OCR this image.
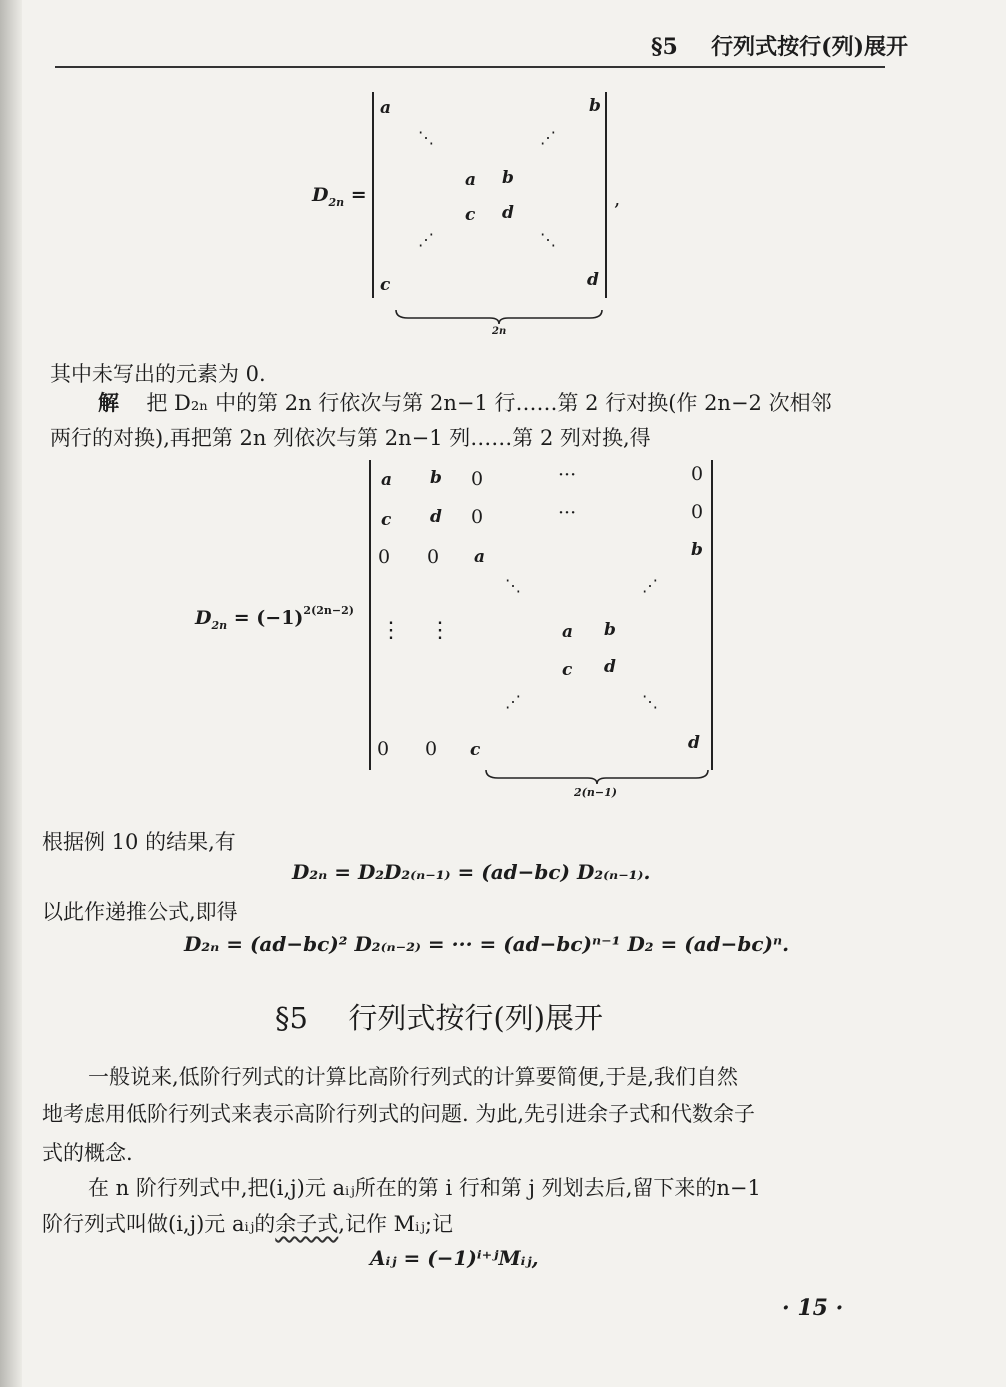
§5 行列式按行(列)展开
$D_{2n}$ =
a	b
⋱	⋰
a b
c d
⋰	⋱
c	d
,
2n
其中未写出的元素为 0.
解 把 D₂ₙ 中的第 2n 行依次与第 2n−1 行……第 2 行对换(作 2n−2 次相邻
两行的对换),再把第 2n 列依次与第 2n−1 列……第 2 列对换,得
$D_{2n} = (-1)^{2(2n-2)}$
a b 0	···	0
c d 0	···	0
0 0 a	b
⋱	⋰
⋮ ⋮	a b
c d
⋰	⋱
0 0 c	d
2(n−1)
根据例 10 的结果,有
D₂ₙ = D₂D₂₍ₙ₋₁₎ = (ad−bc) D₂₍ₙ₋₁₎.
以此作递推公式,即得
D₂ₙ = (ad−bc)² D₂₍ₙ₋₂₎ = ··· = (ad−bc)ⁿ⁻¹ D₂ = (ad−bc)ⁿ.
§5 行列式按行(列)展开
一般说来,低阶行列式的计算比高阶行列式的计算要简便,于是,我们自然
地考虑用低阶行列式来表示高阶行列式的问题. 为此,先引进余子式和代数余子
式的概念.
在 n 阶行列式中,把(i,j)元 aᵢⱼ所在的第 i 行和第 j 列划去后,留下来的n−1
阶行列式叫做(i,j)元 aᵢⱼ的余子式,记作 Mᵢⱼ;记
Aᵢⱼ = (−1)ⁱ⁺ʲMᵢⱼ,
· 15 ·
